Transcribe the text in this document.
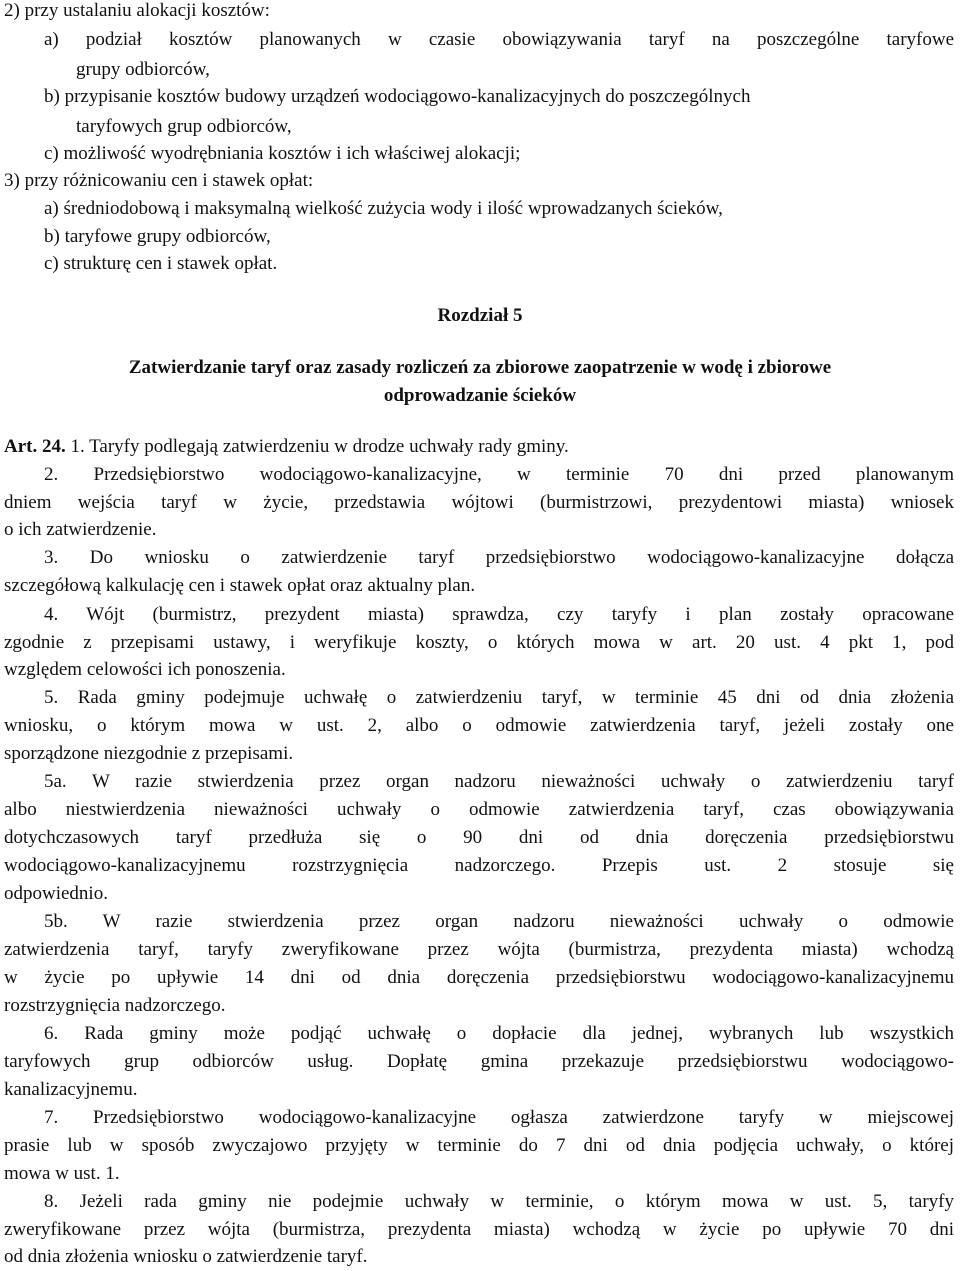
2) przy ustalaniu alokacji kosztów:
a) podział kosztów planowanych w czasie obowiązywania taryf na poszczególne taryfowe
grupy odbiorców,
b) przypisanie kosztów budowy urządzeń wodociągowo-kanalizacyjnych do poszczególnych
taryfowych grup odbiorców,
c) możliwość wyodrębniania kosztów i ich właściwej alokacji;
3) przy różnicowaniu cen i stawek opłat:
a) średniodobową i maksymalną wielkość zużycia wody i ilość wprowadzanych ścieków,
b) taryfowe grupy odbiorców,
c) strukturę cen i stawek opłat.
Rozdział 5
Zatwierdzanie taryf oraz zasady rozliczeń za zbiorowe zaopatrzenie w wodę i zbiorowe
odprowadzanie ścieków
Art. 24. 1. Taryfy podlegają zatwierdzeniu w drodze uchwały rady gminy.
2. Przedsiębiorstwo wodociągowo-kanalizacyjne, w terminie 70 dni przed planowanym
dniem wejścia taryf w życie, przedstawia wójtowi (burmistrzowi, prezydentowi miasta) wniosek
o ich zatwierdzenie.
3. Do wniosku o zatwierdzenie taryf przedsiębiorstwo wodociągowo-kanalizacyjne dołącza
szczegółową kalkulację cen i stawek opłat oraz aktualny plan.
4. Wójt (burmistrz, prezydent miasta) sprawdza, czy taryfy i plan zostały opracowane
zgodnie z przepisami ustawy, i weryfikuje koszty, o których mowa w art. 20 ust. 4 pkt 1, pod
względem celowości ich ponoszenia.
5. Rada gminy podejmuje uchwałę o zatwierdzeniu taryf, w terminie 45 dni od dnia złożenia
wniosku, o którym mowa w ust. 2, albo o odmowie zatwierdzenia taryf, jeżeli zostały one
sporządzone niezgodnie z przepisami.
5a. W razie stwierdzenia przez organ nadzoru nieważności uchwały o zatwierdzeniu taryf
albo niestwierdzenia nieważności uchwały o odmowie zatwierdzenia taryf, czas obowiązywania
dotychczasowych taryf przedłuża się o 90 dni od dnia doręczenia przedsiębiorstwu
wodociągowo-kanalizacyjnemu rozstrzygnięcia nadzorczego. Przepis ust. 2 stosuje się
odpowiednio.
5b. W razie stwierdzenia przez organ nadzoru nieważności uchwały o odmowie
zatwierdzenia taryf, taryfy zweryfikowane przez wójta (burmistrza, prezydenta miasta) wchodzą
w życie po upływie 14 dni od dnia doręczenia przedsiębiorstwu wodociągowo-kanalizacyjnemu
rozstrzygnięcia nadzorczego.
6. Rada gminy może podjąć uchwałę o dopłacie dla jednej, wybranych lub wszystkich
taryfowych grup odbiorców usług. Dopłatę gmina przekazuje przedsiębiorstwu wodociągowo-
kanalizacyjnemu.
7. Przedsiębiorstwo wodociągowo-kanalizacyjne ogłasza zatwierdzone taryfy w miejscowej
prasie lub w sposób zwyczajowo przyjęty w terminie do 7 dni od dnia podjęcia uchwały, o której
mowa w ust. 1.
8. Jeżeli rada gminy nie podejmie uchwały w terminie, o którym mowa w ust. 5, taryfy
zweryfikowane przez wójta (burmistrza, prezydenta miasta) wchodzą w życie po upływie 70 dni
od dnia złożenia wniosku o zatwierdzenie taryf.
